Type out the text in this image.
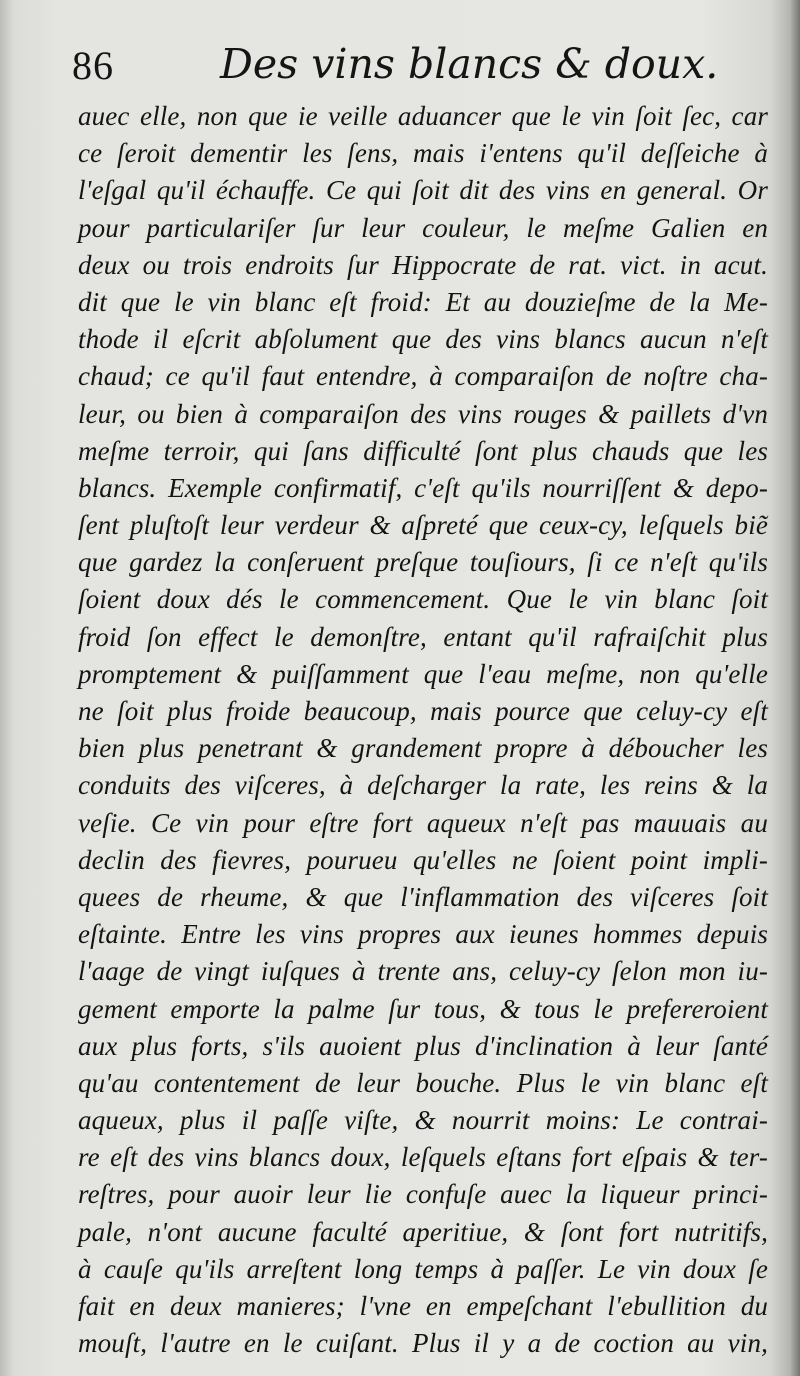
86	Des vins blancs & doux.
auec elle, non que ie veille aduancer que le vin ſoit ſec, car
ce ſeroit dementir les ſens, mais i'entens qu'il deſſeiche à
l'eſgal qu'il échauffe. Ce qui ſoit dit des vins en general. Or
pour particulariſer ſur leur couleur, le meſme Galien en
deux ou trois endroits ſur Hippocrate de rat. vict. in acut.
dit que le vin blanc eſt froid: Et au douzieſme de la Me-
thode il eſcrit abſolument que des vins blancs aucun n'eſt
chaud; ce qu'il faut entendre, à comparaiſon de noſtre cha-
leur, ou bien à comparaiſon des vins rouges & paillets d'vn
meſme terroir, qui ſans difficulté ſont plus chauds que les
blancs. Exemple confirmatif, c'eſt qu'ils nourriſſent & depo-
ſent pluſtoſt leur verdeur & aſpreté que ceux-cy, leſquels biẽ
que gardez la conſeruent preſque touſiours, ſi ce n'eſt qu'ils
ſoient doux dés le commencement. Que le vin blanc ſoit
froid ſon effect le demonſtre, entant qu'il rafraiſchit plus
promptement & puiſſamment que l'eau meſme, non qu'elle
ne ſoit plus froide beaucoup, mais pource que celuy-cy eſt
bien plus penetrant & grandement propre à déboucher les
conduits des viſceres, à deſcharger la rate, les reins & la
veſie. Ce vin pour eſtre fort aqueux n'eſt pas mauuais au
declin des fievres, pourueu qu'elles ne ſoient point impli-
quees de rheume, & que l'inflammation des viſceres ſoit
eſtainte. Entre les vins propres aux ieunes hommes depuis
l'aage de vingt iuſques à trente ans, celuy-cy ſelon mon iu-
gement emporte la palme ſur tous, & tous le prefereroient
aux plus forts, s'ils auoient plus d'inclination à leur ſanté
qu'au contentement de leur bouche. Plus le vin blanc eſt
aqueux, plus il paſſe viſte, & nourrit moins: Le contrai-
re eſt des vins blancs doux, leſquels eſtans fort eſpais & ter-
reſtres, pour auoir leur lie confuſe auec la liqueur princi-
pale, n'ont aucune faculté aperitiue, & ſont fort nutritifs,
à cauſe qu'ils arreſtent long temps à paſſer. Le vin doux ſe
fait en deux manieres; l'vne en empeſchant l'ebullition du
mouſt, l'autre en le cuiſant. Plus il y a de coction au vin,
